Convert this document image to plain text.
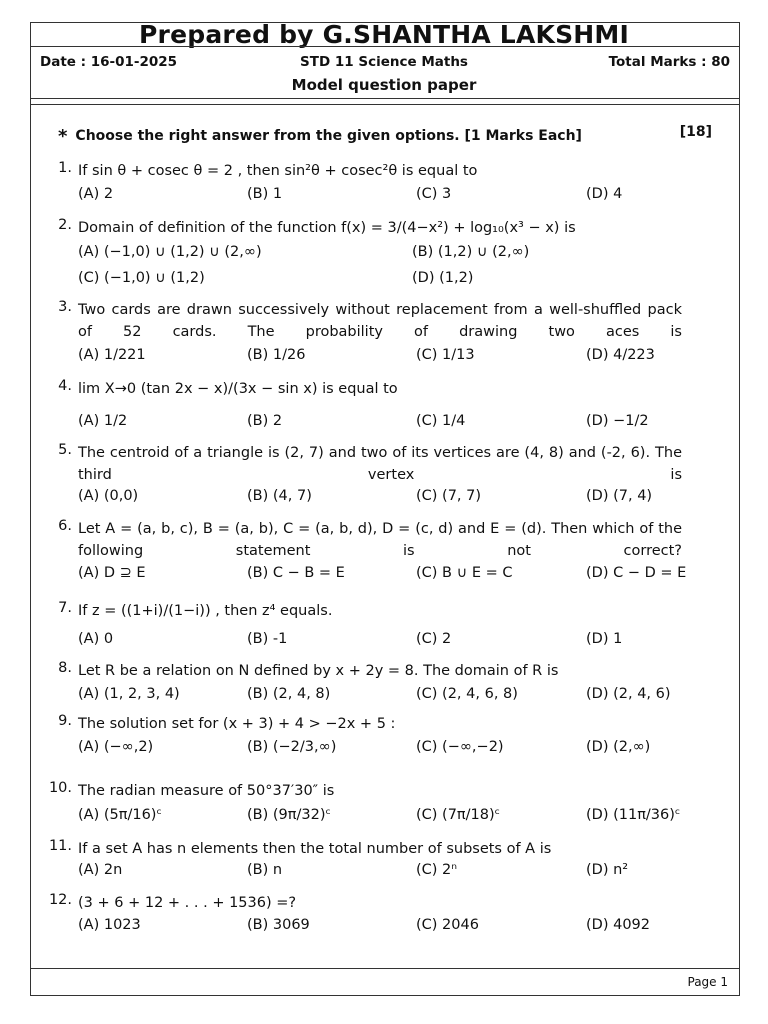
Prepared by G.SHANTHA LAKSHMI
Date : 16-01-2025	STD 11 Science Maths	Total Marks : 80
Model question paper
* Choose the right answer from the given options. [1 Marks Each]	[18]
1. If sin θ + cosec θ = 2 , then sin²θ + cosec²θ is equal to
(A) 2	(B) 1	(C) 3	(D) 4
2. Domain of definition of the function f(x) = 3/(4−x²) + log₁₀(x³ − x) is
(A) (−1,0) ∪ (1,2) ∪ (2,∞)	(B) (1,2) ∪ (2,∞)
(C) (−1,0) ∪ (1,2)	(D) (1,2)
3. Two cards are drawn successively without replacement from a well-shuffled pack of 52 cards. The probability of drawing two aces is
(A) 1/221	(B) 1/26	(C) 1/13	(D) 4/223
4. lim X→0 (tan 2x − x)/(3x − sin x) is equal to
(A) 1/2	(B) 2	(C) 1/4	(D) −1/2
5. The centroid of a triangle is (2, 7) and two of its vertices are (4, 8) and (-2, 6). The third vertex is
(A) (0,0)	(B) (4, 7)	(C) (7, 7)	(D) (7, 4)
6. Let A = (a, b, c), B = (a, b), C = (a, b, d), D = (c, d) and E = (d). Then which of the following statement is not correct?
(A) D ⊇ E	(B) C − B = E	(C) B ∪ E = C	(D) C − D = E
7. If z = ((1+i)/(1−i)) , then z⁴ equals.
(A) 0	(B) -1	(C) 2	(D) 1
8. Let R be a relation on N defined by x + 2y = 8. The domain of R is
(A) (1, 2, 3, 4)	(B) (2, 4, 8)	(C) (2, 4, 6, 8)	(D) (2, 4, 6)
9. The solution set for (x + 3) + 4 > −2x + 5 :
(A) (−∞,2)	(B) (−2/3,∞)	(C) (−∞,−2)	(D) (2,∞)
10. The radian measure of 50°37′30″ is
(A) (5π/16)ᶜ	(B) (9π/32)ᶜ	(C) (7π/18)ᶜ	(D) (11π/36)ᶜ
11. If a set A has n elements then the total number of subsets of A is
(A) 2n	(B) n	(C) 2ⁿ	(D) n²
12. (3 + 6 + 12 + . . . + 1536) =?
(A) 1023	(B) 3069	(C) 2046	(D) 4092
Page 1
